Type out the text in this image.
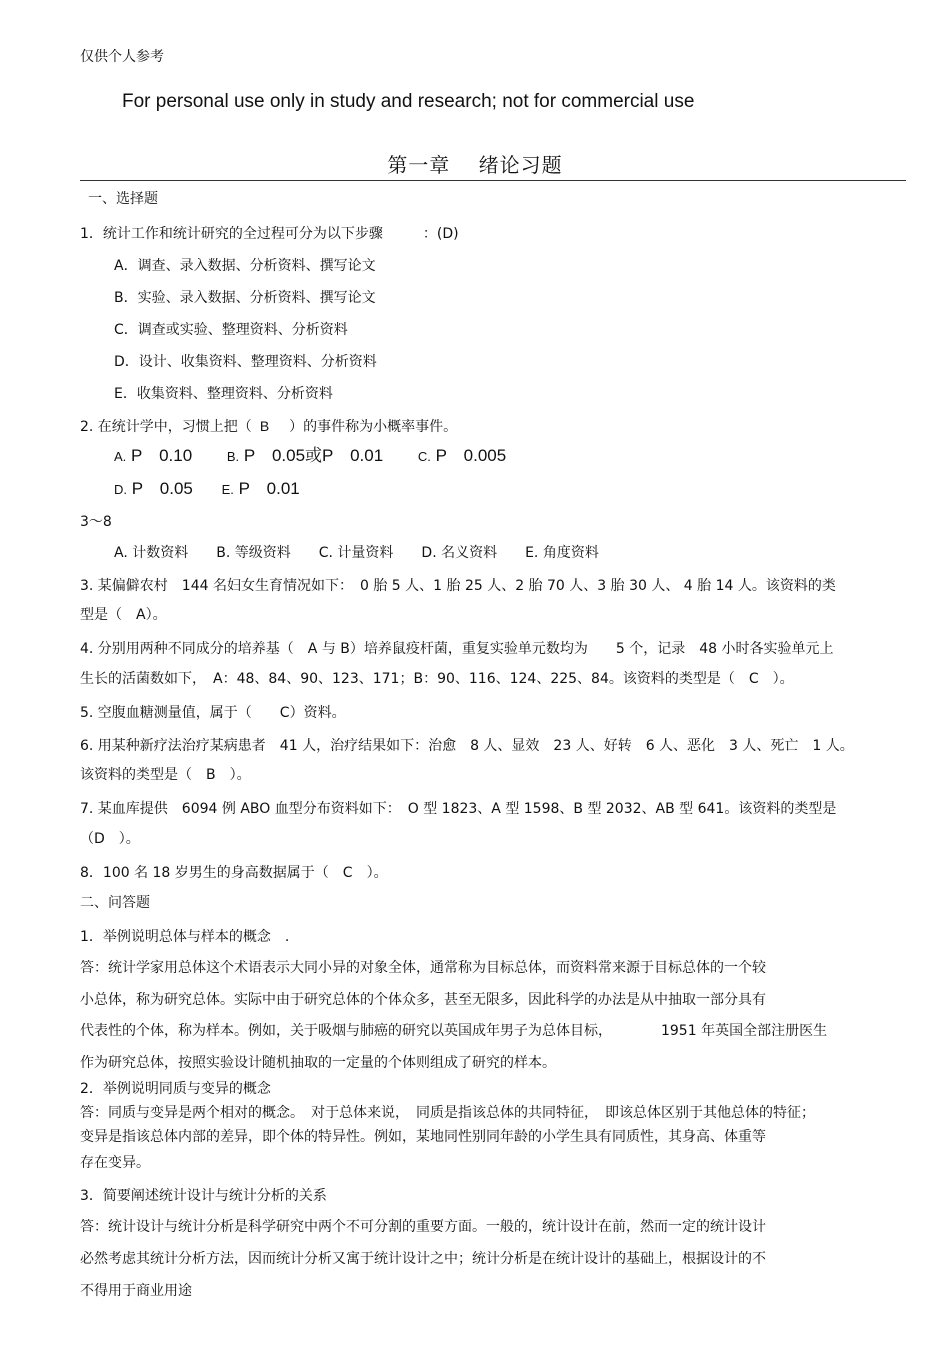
仅供个人参考
For personal use only in study and research; not for commercial use
第一章 　绪论习题
一、选择题
1．统计工作和统计研究的全过程可分为以下步骤	：(D)
A．调查、录入数据、分析资料、撰写论文
B．实验、录入数据、分析资料、撰写论文
C．调查或实验、整理资料、分析资料
D．设计、收集资料、整理资料、分析资料
E．收集资料、整理资料、分析资料
2. 在统计学中，习惯上把（ B ）的事件称为小概率事件。
A. P　0.10	B. P　0.05或P　0.01	C. P　0.005
D. P　0.05 E. P　0.01
3～8
A. 计数资料　　B. 等级资料　　C. 计量资料　　D. 名义资料　　E. 角度资料
3. 某偏僻农村　144 名妇女生育情况如下：　0 胎 5 人、1 胎 25 人、2 胎 70 人、3 胎 30 人、 4 胎 14 人。该资料的类
型是（　A）。
4. 分别用两种不同成分的培养基（　A 与 B）培养鼠疫杆菌，重复实验单元数均为　　5 个，记录　48 小时各实验单元上
生长的活菌数如下，　A：48、84、90、123、171；B：90、116、124、225、84。该资料的类型是（　C　）。
5. 空腹血糖测量值，属于（　　C）资料。
6. 用某种新疗法治疗某病患者　41 人，治疗结果如下：治愈　8 人、显效　23 人、好转　6 人、恶化　3 人、死亡　1 人。
该资料的类型是（　B　）。
7. 某血库提供　6094 例 ABO 血型分布资料如下：　O 型 1823、A 型 1598、B 型 2032、AB 型 641。该资料的类型是
（D　）。
8．100 名 18 岁男生的身高数据属于（　C　）。
二、问答题
1．举例说明总体与样本的概念　.
答：统计学家用总体这个术语表示大同小异的对象全体，通常称为目标总体，而资料常来源于目标总体的一个较
小总体，称为研究总体。实际中由于研究总体的个体众多，甚至无限多，因此科学的办法是从中抽取一部分具有
代表性的个体，称为样本。例如，关于吸烟与肺癌的研究以英国成年男子为总体目标，　　　　1951 年英国全部注册医生
作为研究总体，按照实验设计随机抽取的一定量的个体则组成了研究的样本。
2．举例说明同质与变异的概念
答：同质与变异是两个相对的概念。　对于总体来说，　同质是指该总体的共同特征，　即该总体区别于其他总体的特征；
变异是指该总体内部的差异，即个体的特异性。例如，某地同性别同年龄的小学生具有同质性，其身高、体重等
存在变异。
3．简要阐述统计设计与统计分析的关系
答：统计设计与统计分析是科学研究中两个不可分割的重要方面。一般的，统计设计在前，然而一定的统计设计
必然考虑其统计分析方法，因而统计分析又寓于统计设计之中；统计分析是在统计设计的基础上，根据设计的不
不得用于商业用途
